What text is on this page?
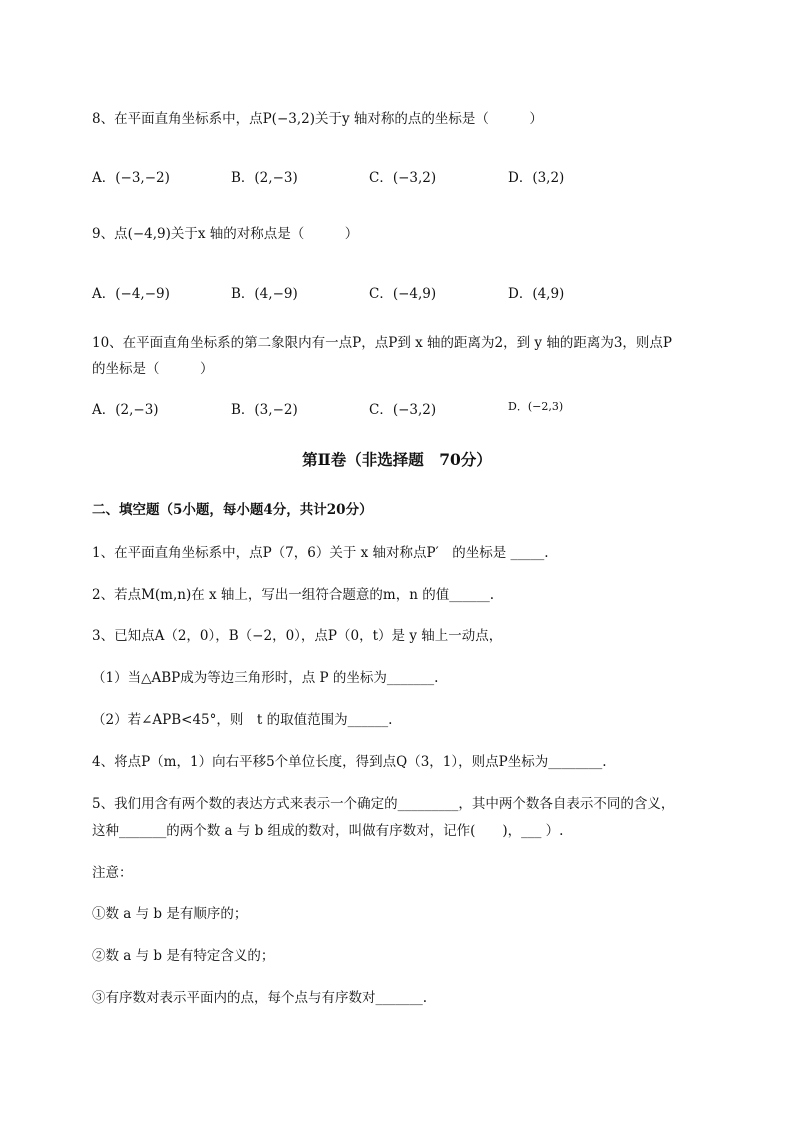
8、在平面直角坐标系中，点P(−3,2)关于y 轴对称的点的坐标是（　　　）
A．(−3,−2)	B．(2,−3)	C．(−3,2)	D．(3,2)
9、点(−4,9)关于x 轴的对称点是（　　　）
A．(−4,−9)	B．(4,−9)	C．(−4,9)	D．(4,9)
10、在平面直角坐标系的第二象限内有一点P，点P到 x 轴的距离为2，到 y 轴的距离为3，则点P
的坐标是（　　　）
A．(2,−3)	B．(3,−2)	C．(−3,2)	D．(−2,3)
第Ⅱ卷（非选择题　70分）
二、填空题（5小题，每小题4分，共计20分）
1、在平面直角坐标系中，点P（7，6）关于 x 轴对称点P′　的坐标是 _____.
2、若点M(m,n)在 x 轴上，写出一组符合题意的m，n 的值______.
3、已知点A（2，0），B（−2，0），点P（0，t）是 y 轴上一动点，
（1）当△ABP成为等边三角形时，点 P 的坐标为_______.
（2）若∠APB<45°，则　t 的取值范围为______.
4、将点P（m，1）向右平移5个单位长度，得到点Q（3，1），则点P坐标为________.
5、我们用含有两个数的表达方式来表示一个确定的_________，其中两个数各自表示不同的含义，
这种_______的两个数 a 与 b 组成的数对，叫做有序数对，记作(　　)，___ ）.
注意：
①数 a 与 b 是有顺序的；
②数 a 与 b 是有特定含义的；
③有序数对表示平面内的点，每个点与有序数对_______.
